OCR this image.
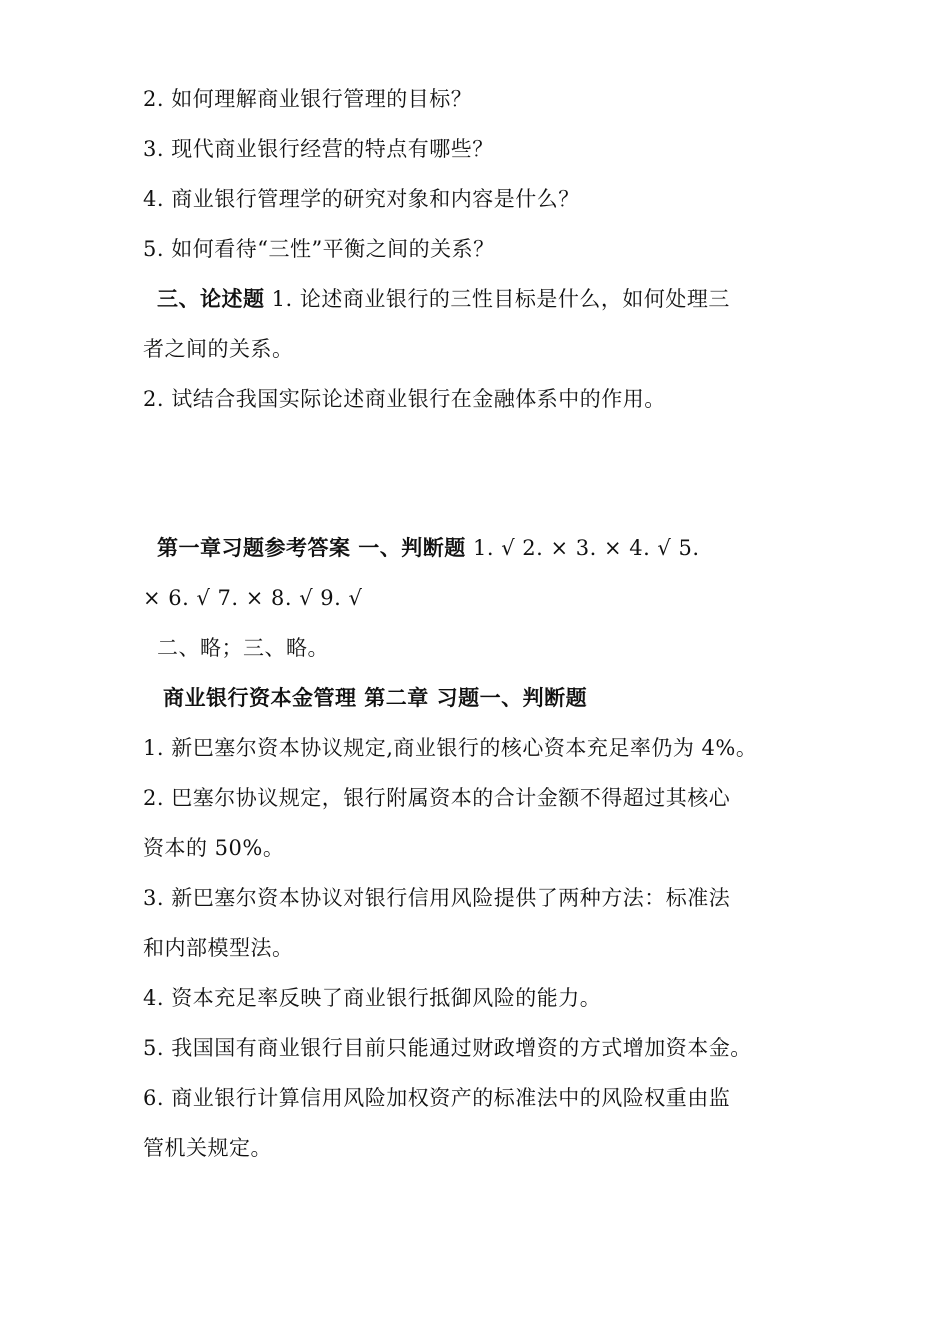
2. 如何理解商业银行管理的目标？
3. 现代商业银行经营的特点有哪些？
4. 商业银行管理学的研究对象和内容是什么？
5. 如何看待“三性”平衡之间的关系？
三、论述题 1. 论述商业银行的三性目标是什么，如何处理三
者之间的关系。
2. 试结合我国实际论述商业银行在金融体系中的作用。
第一章习题参考答案 一、判断题 1. √ 2. × 3. × 4. √ 5.
× 6. √ 7. × 8. √ 9. √
二、略；三、略。
商业银行资本金管理 第二章 习题一、判断题
1. 新巴塞尔资本协议规定,商业银行的核心资本充足率仍为 4%。
2. 巴塞尔协议规定，银行附属资本的合计金额不得超过其核心
资本的 50%。
3. 新巴塞尔资本协议对银行信用风险提供了两种方法：标准法
和内部模型法。
4. 资本充足率反映了商业银行抵御风险的能力。
5. 我国国有商业银行目前只能通过财政增资的方式增加资本金。
6. 商业银行计算信用风险加权资产的标准法中的风险权重由监
管机关规定。
